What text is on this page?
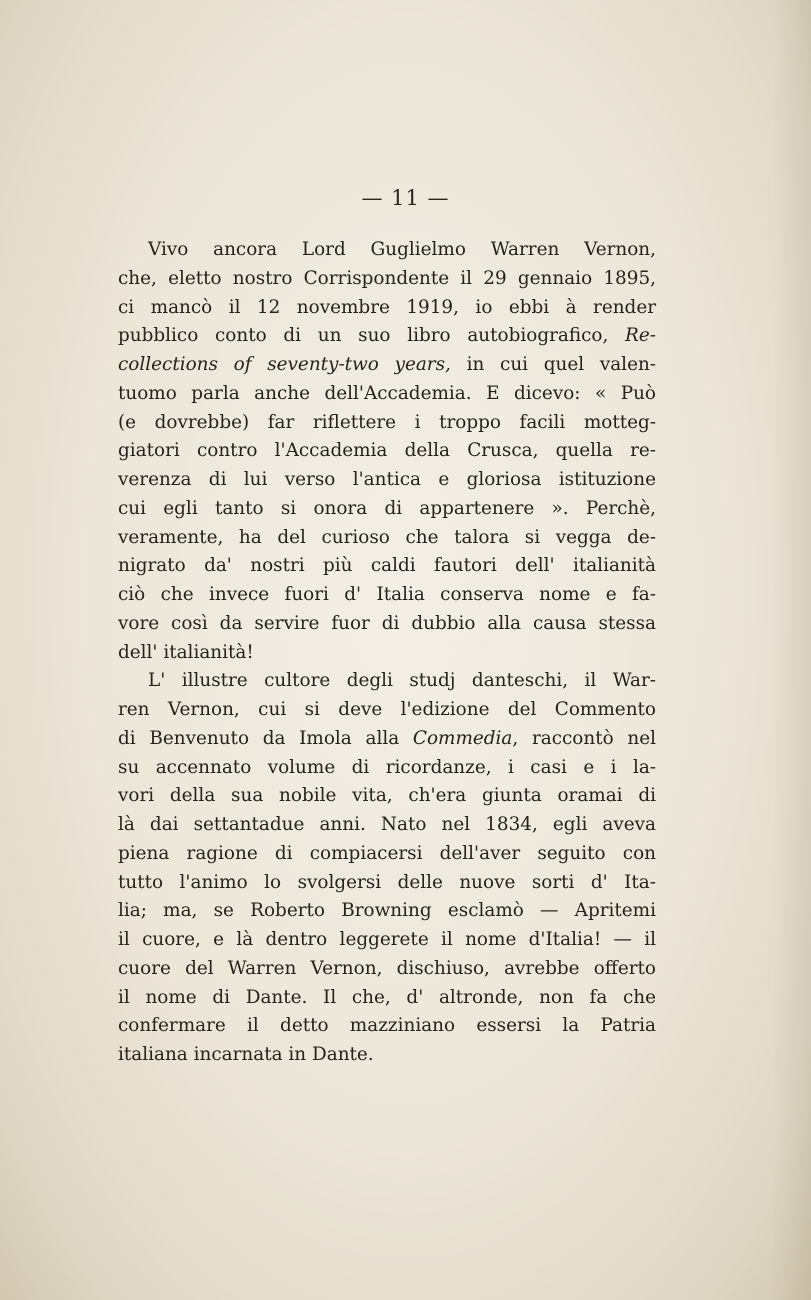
— 11 —

Vivo ancora Lord Guglielmo Warren Vernon,
che, eletto nostro Corrispondente il 29 gennaio 1895,
ci mancò il 12 novembre 1919, io ebbi à render
pubblico conto di un suo libro autobiografico, Re-
collections of seventy-two years, in cui quel valen-
tuomo parla anche dell'Accademia. E dicevo: « Può
(e dovrebbe) far riflettere i troppo facili motteg-
giatori contro l'Accademia della Crusca, quella re-
verenza di lui verso l'antica e gloriosa istituzione
cui egli tanto si onora di appartenere ». Perchè,
veramente, ha del curioso che talora si vegga de-
nigrato da' nostri più caldi fautori dell' italianità
ciò che invece fuori d' Italia conserva nome e fa-
vore così da servire fuor di dubbio alla causa stessa
dell' italianità!
L' illustre cultore degli studj danteschi, il War-
ren Vernon, cui si deve l'edizione del Commento
di Benvenuto da Imola alla Commedia, raccontò nel
su accennato volume di ricordanze, i casi e i la-
vori della sua nobile vita, ch'era giunta oramai di
là dai settantadue anni. Nato nel 1834, egli aveva
piena ragione di compiacersi dell'aver seguito con
tutto l'animo lo svolgersi delle nuove sorti d' Ita-
lia; ma, se Roberto Browning esclamò — Apritemi
il cuore, e là dentro leggerete il nome d'Italia! — il
cuore del Warren Vernon, dischiuso, avrebbe offerto
il nome di Dante. Il che, d' altronde, non fa che
confermare il detto mazziniano essersi la Patria
italiana incarnata in Dante.
